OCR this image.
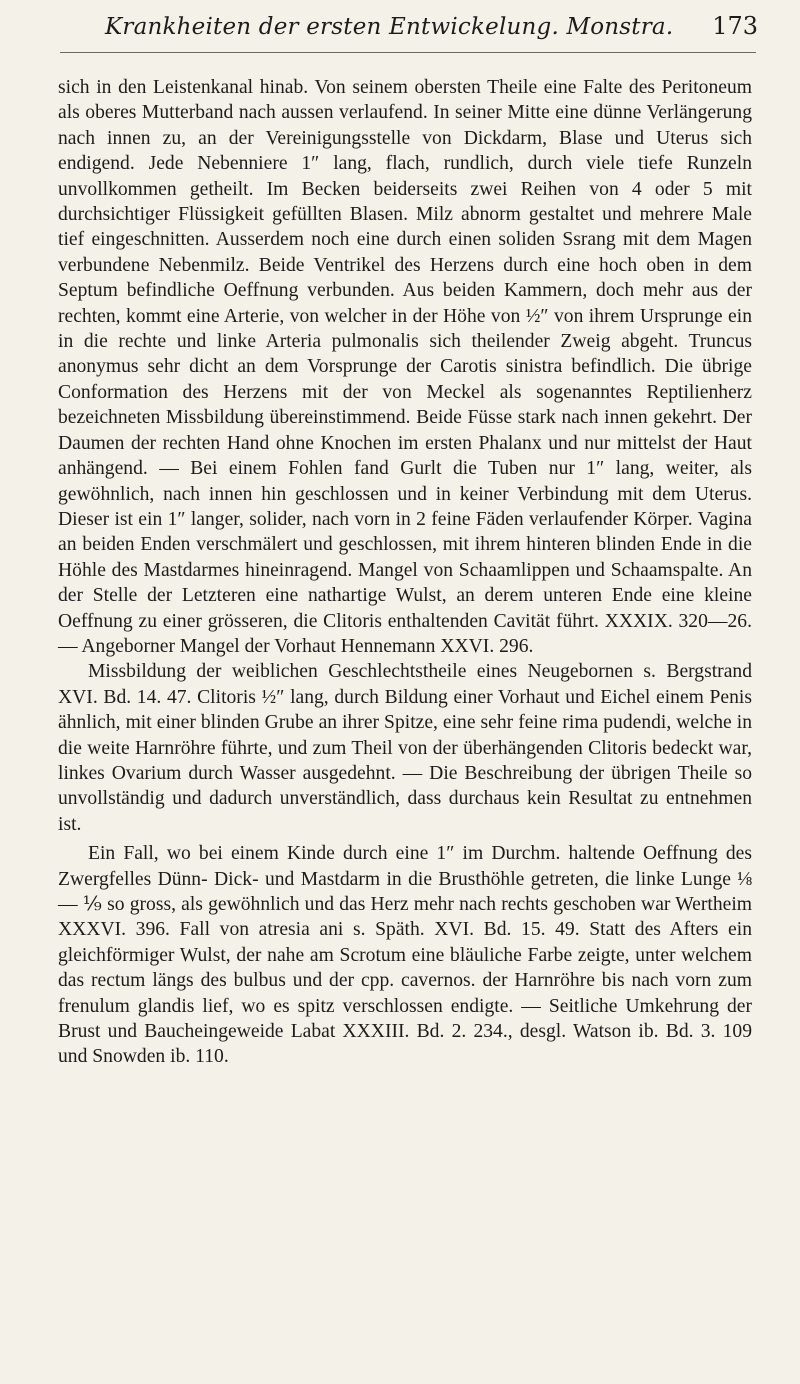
Krankheiten der ersten Entwickelung. Monstra. 173

sich in den Leistenkanal hinab. Von seinem obersten Theile eine Falte des Peritoneum als oberes Mutterband nach aussen verlaufend. In seiner Mitte eine dünne Verlängerung nach innen zu, an der Vereinigungsstelle von Dickdarm, Blase und Uterus sich endigend. Jede Nebenniere 1″ lang, flach, rundlich, durch viele tiefe Runzeln unvollkommen getheilt. Im Becken beiderseits zwei Reihen von 4 oder 5 mit durchsichtiger Flüssigkeit gefüllten Blasen. Milz abnorm gestaltet und mehrere Male tief eingeschnitten. Ausserdem noch eine durch einen soliden Ssrang mit dem Magen verbundene Nebenmilz. Beide Ventrikel des Herzens durch eine hoch oben in dem Septum befindliche Oeffnung verbunden. Aus beiden Kammern, doch mehr aus der rechten, kommt eine Arterie, von welcher in der Höhe von ½″ von ihrem Ursprunge ein in die rechte und linke Arteria pulmonalis sich theilender Zweig abgeht. Truncus anonymus sehr dicht an dem Vorsprunge der Carotis sinistra befindlich. Die übrige Conformation des Herzens mit der von Meckel als sogenanntes Reptilienherz bezeichneten Missbildung übereinstimmend. Beide Füsse stark nach innen gekehrt. Der Daumen der rechten Hand ohne Knochen im ersten Phalanx und nur mittelst der Haut anhängend. — Bei einem Fohlen fand Gurlt die Tuben nur 1″ lang, weiter, als gewöhnlich, nach innen hin geschlossen und in keiner Verbindung mit dem Uterus. Dieser ist ein 1″ langer, solider, nach vorn in 2 feine Fäden verlaufender Körper. Vagina an beiden Enden verschmälert und geschlossen, mit ihrem hinteren blinden Ende in die Höhle des Mastdarmes hineinragend. Mangel von Schaamlippen und Schaamspalte. An der Stelle der Letzteren eine nathartige Wulst, an derem unteren Ende eine kleine Oeffnung zu einer grösseren, die Clitoris enthaltenden Cavität führt. XXXIX. 320—26. — Angeborner Mangel der Vorhaut Hennemann XXVI. 296.

Missbildung der weiblichen Geschlechtstheile eines Neugebornen s. Bergstrand XVI. Bd. 14. 47. Clitoris ½″ lang, durch Bildung einer Vorhaut und Eichel einem Penis ähnlich, mit einer blinden Grube an ihrer Spitze, eine sehr feine rima pudendi, welche in die weite Harnröhre führte, und zum Theil von der überhängenden Clitoris bedeckt war, linkes Ovarium durch Wasser ausgedehnt. — Die Beschreibung der übrigen Theile so unvollständig und dadurch unverständlich, dass durchaus kein Resultat zu entnehmen ist.

Ein Fall, wo bei einem Kinde durch eine 1″ im Durchm. haltende Oeffnung des Zwergfelles Dünn- Dick- und Mastdarm in die Brusthöhle getreten, die linke Lunge ⅛ — ⅑ so gross, als gewöhnlich und das Herz mehr nach rechts geschoben war Wertheim XXXVI. 396. Fall von atresia ani s. Späth. XVI. Bd. 15. 49. Statt des Afters ein gleichförmiger Wulst, der nahe am Scrotum eine bläuliche Farbe zeigte, unter welchem das rectum längs des bulbus und der cpp. cavernos. der Harnröhre bis nach vorn zum frenulum glandis lief, wo es spitz verschlossen endigte. — Seitliche Umkehrung der Brust und Baucheingeweide Labat XXXIII. Bd. 2. 234., desgl. Watson ib. Bd. 3. 109 und Snowden ib. 110.
